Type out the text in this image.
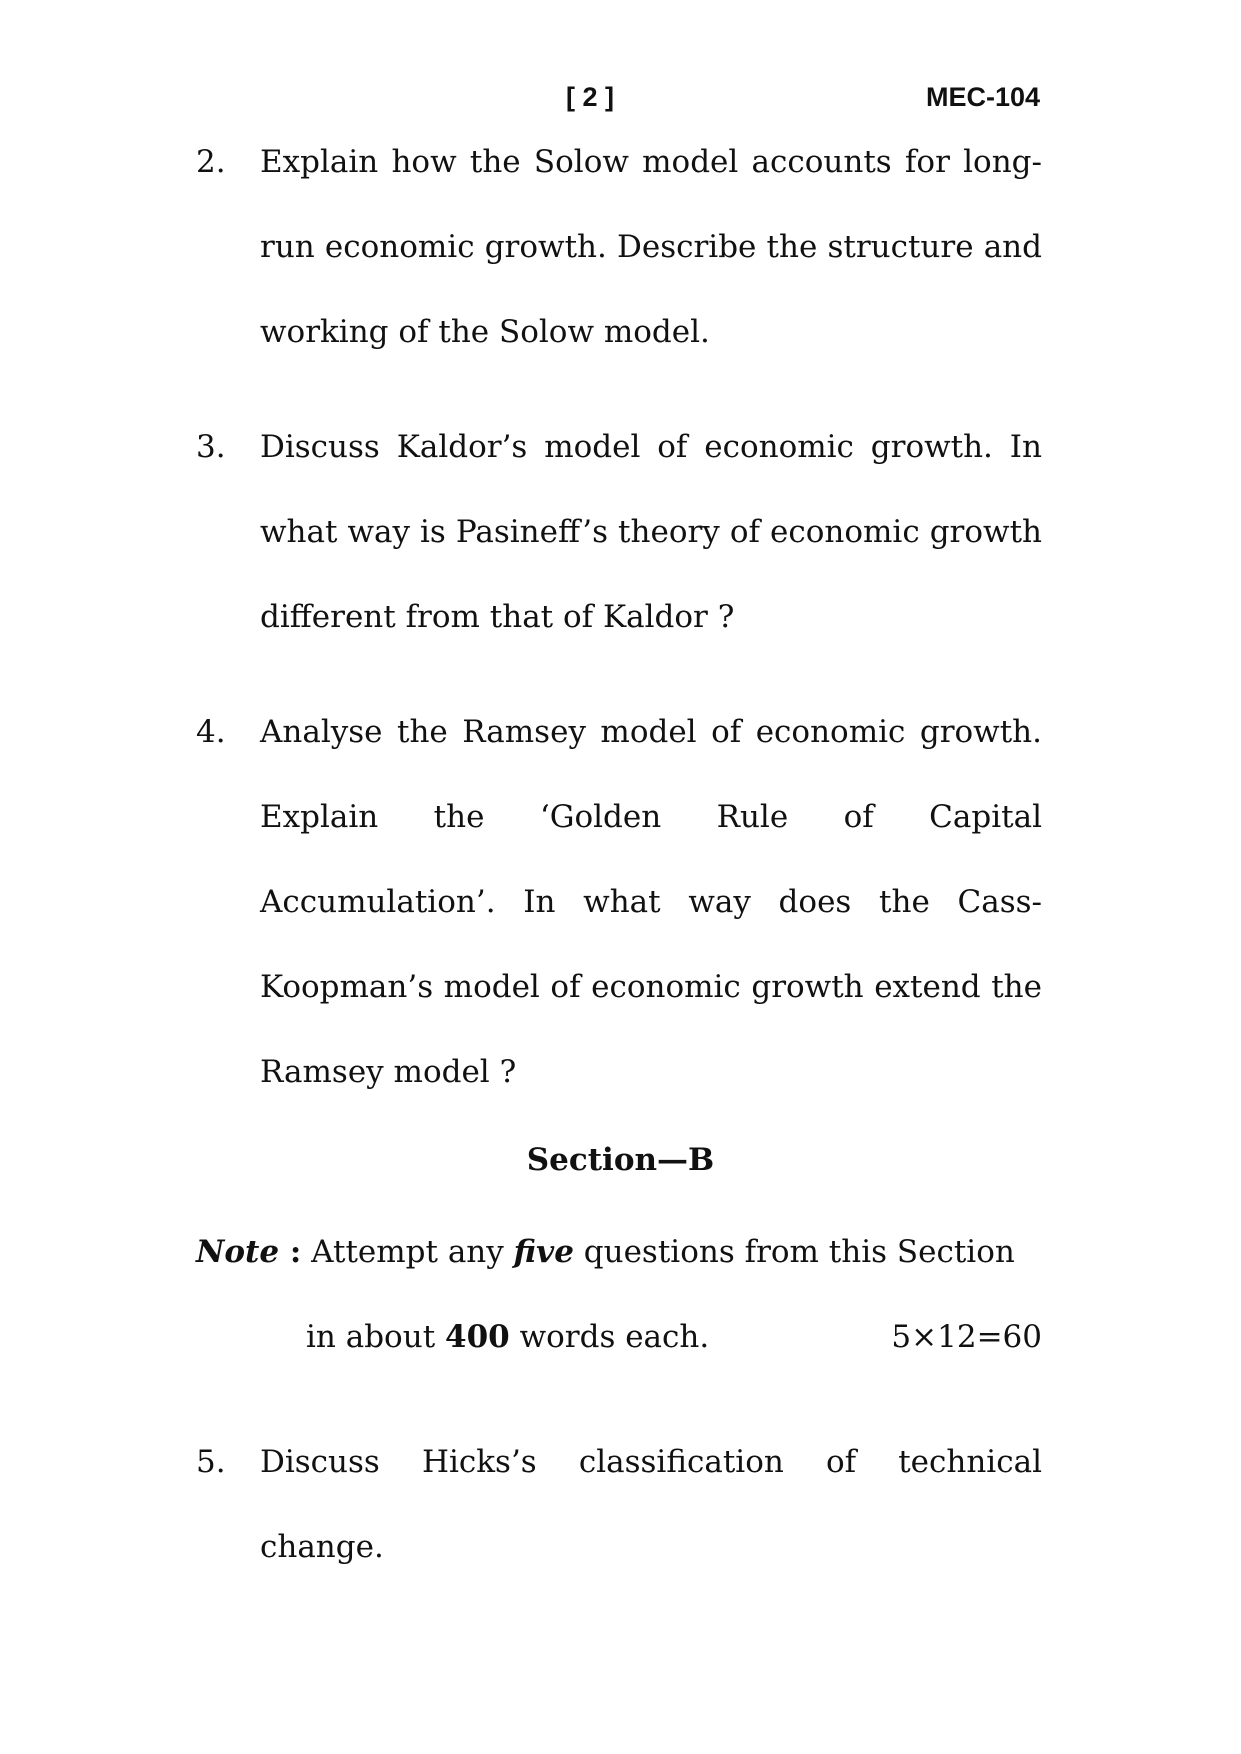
[ 2 ]	MEC-104
2. Explain how the Solow model accounts for long-run economic growth. Describe the structure and working of the Solow model.
3. Discuss Kaldor’s model of economic growth. In what way is Pasineff’s theory of economic growth different from that of Kaldor ?
4. Analyse the Ramsey model of economic growth. Explain the ‘Golden Rule of Capital Accumulation’. In what way does the Cass-Koopman’s model of economic growth extend the Ramsey model ?
Section—B
Note : Attempt any five questions from this Section
in about 400 words each.	5×12=60
5. Discuss Hicks’s classification of technical change.
